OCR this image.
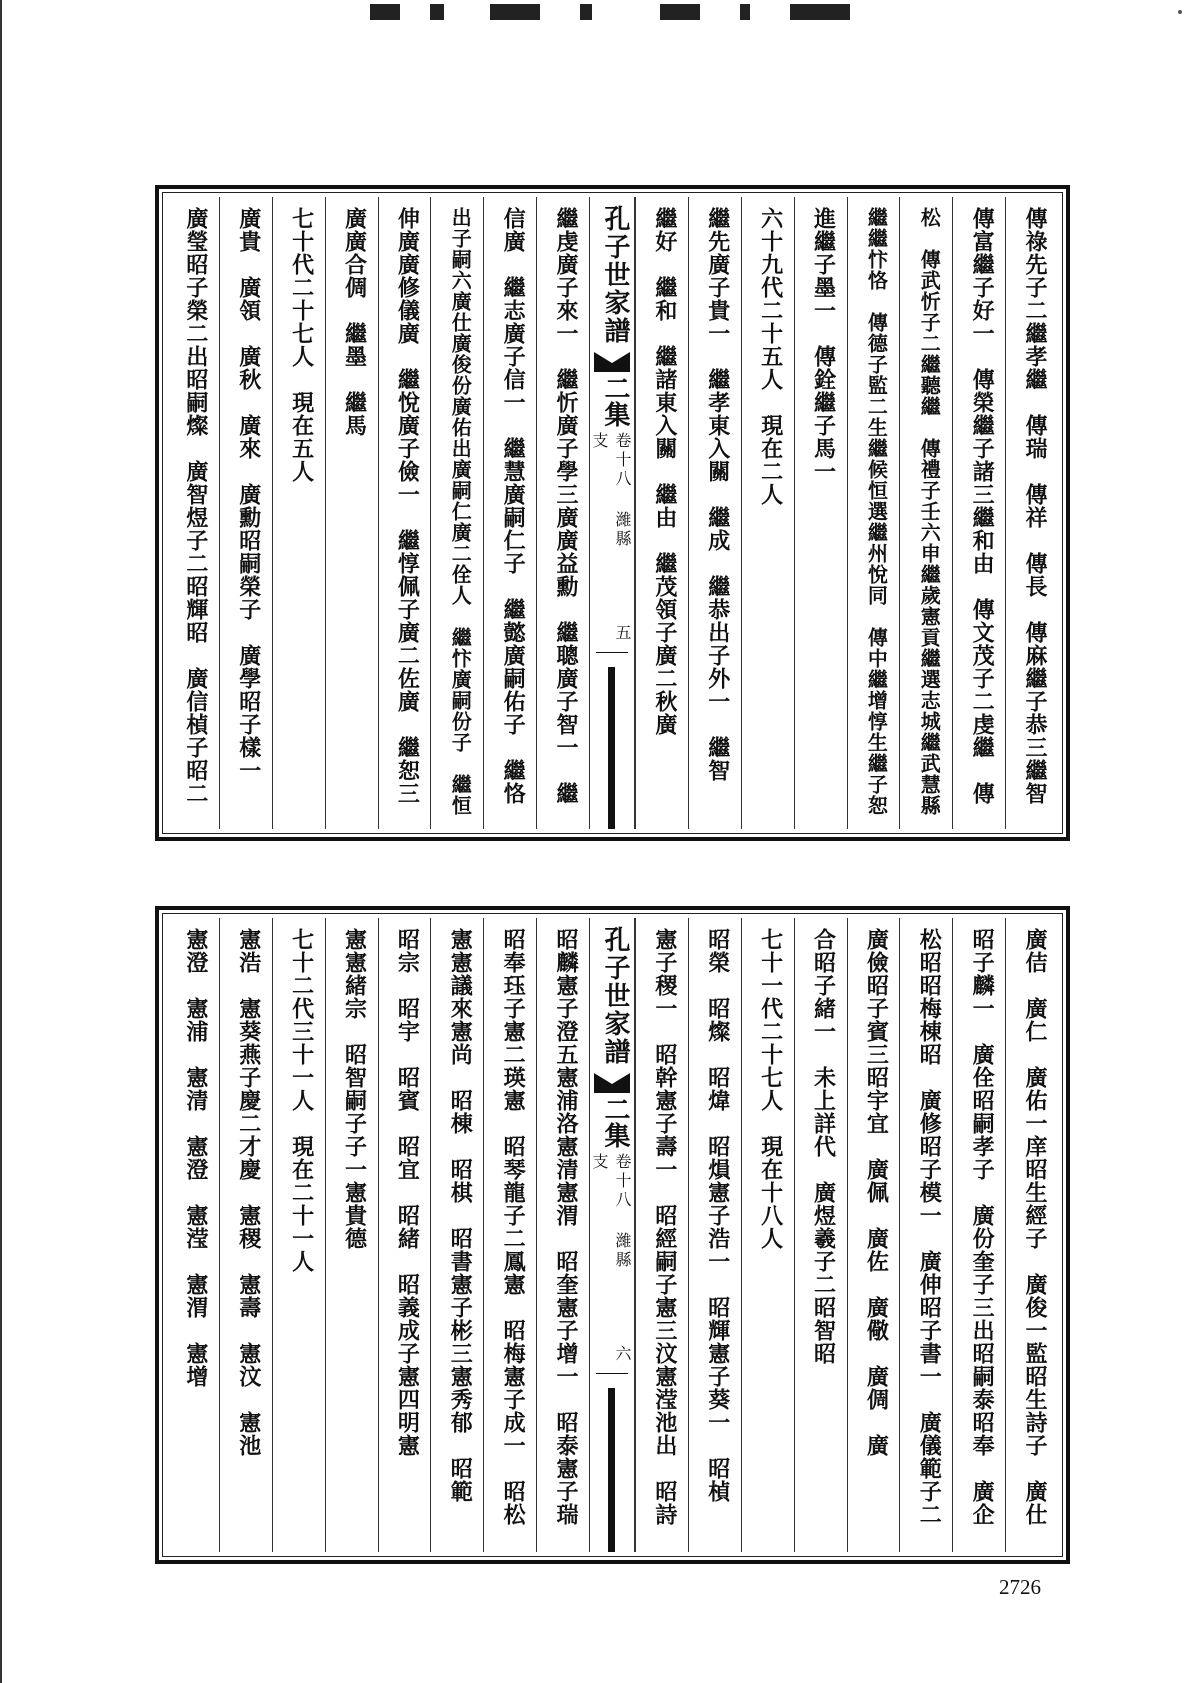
傳祿先子二繼孝繼　傳瑞　傳祥　傳長　傳麻繼子恭三繼智
傳富繼子好一　傳榮繼子諸三繼和由　傳文茂子二虔繼　傳
松　傳武忻子二繼聽繼　傳禮子壬六申繼歲憲貢繼選志城繼武慧縣
繼繼忭恪　傳德子監二生繼候恒選繼州悅同　傳中繼增惇生繼子恕　
進繼子墨一　傳銓繼子馬一
六十九代二十五人　現在二人
繼先廣子貴一　繼孝東入關　繼成　繼恭出子外一　繼智
繼好　繼和　繼諸東入關　繼由　繼茂領子廣二秋廣
孔子世家譜
二集
卷十八 濰縣支
五
繼虔廣子來一　繼忻廣子學三廣廣益勳　繼聰廣子智一　繼
信廣　繼志廣子信一　繼慧廣嗣仁子　繼懿廣嗣佑子　繼恪
出子嗣六廣仕廣俊份廣佑出廣嗣仁廣二佺人　繼忭廣嗣份子　繼恒
伸廣廣修儀廣　繼悅廣子儉一　繼惇佩子廣二佐廣　繼恕三
廣廣合倜　繼墨　繼馬
七十代二十七人　現在五人
廣貴　廣領　廣秋　廣來　廣勳昭嗣榮子　廣學昭子樣一
廣瑩昭子榮二出昭嗣燦　廣智煜子二昭輝昭　廣信楨子昭二
廣佶　廣仁　廣佑一庠昭生經子　廣俊一監昭生詩子　廣仕
昭子麟一　廣佺昭嗣孝子　廣份奎子三出昭嗣泰昭奉　廣企
松昭昭梅棟昭　廣修昭子模一　廣伸昭子書一　廣儀範子二
廣儉昭子賓三昭宇宜　廣佩　廣佐　廣儆　廣倜　廣
合昭子緒一　未上詳代　廣煜羲子二昭智昭
七十一代二十七人　現在十八人
昭榮　昭燦　昭煒　昭熉憲子浩一　昭輝憲子葵一　昭楨
憲子稷一　昭幹憲子壽一　昭經嗣子憲三汶憲滢池出　昭詩
孔子世家譜
二集
卷十八 濰縣支
六
昭麟憲子澄五憲浦洛憲清憲渭　昭奎憲子增一　昭泰憲子瑞
昭奉珏子憲二瑛憲　昭琴龍子二鳳憲　昭梅憲子成一　昭松
憲憲議來憲尚　昭棟　昭棋　昭書憲子彬三憲秀郁　昭範
昭宗　昭宇　昭賓　昭宜　昭緒　昭義成子憲四明憲
憲憲緒宗　昭智嗣子子一憲貴德
七十二代三十一人　現在二十一人
憲浩　憲葵燕子慶二才慶　憲稷　憲壽　憲汶　憲池
憲澄　憲浦　憲清　憲澄　憲滢　憲渭　憲增
2726
